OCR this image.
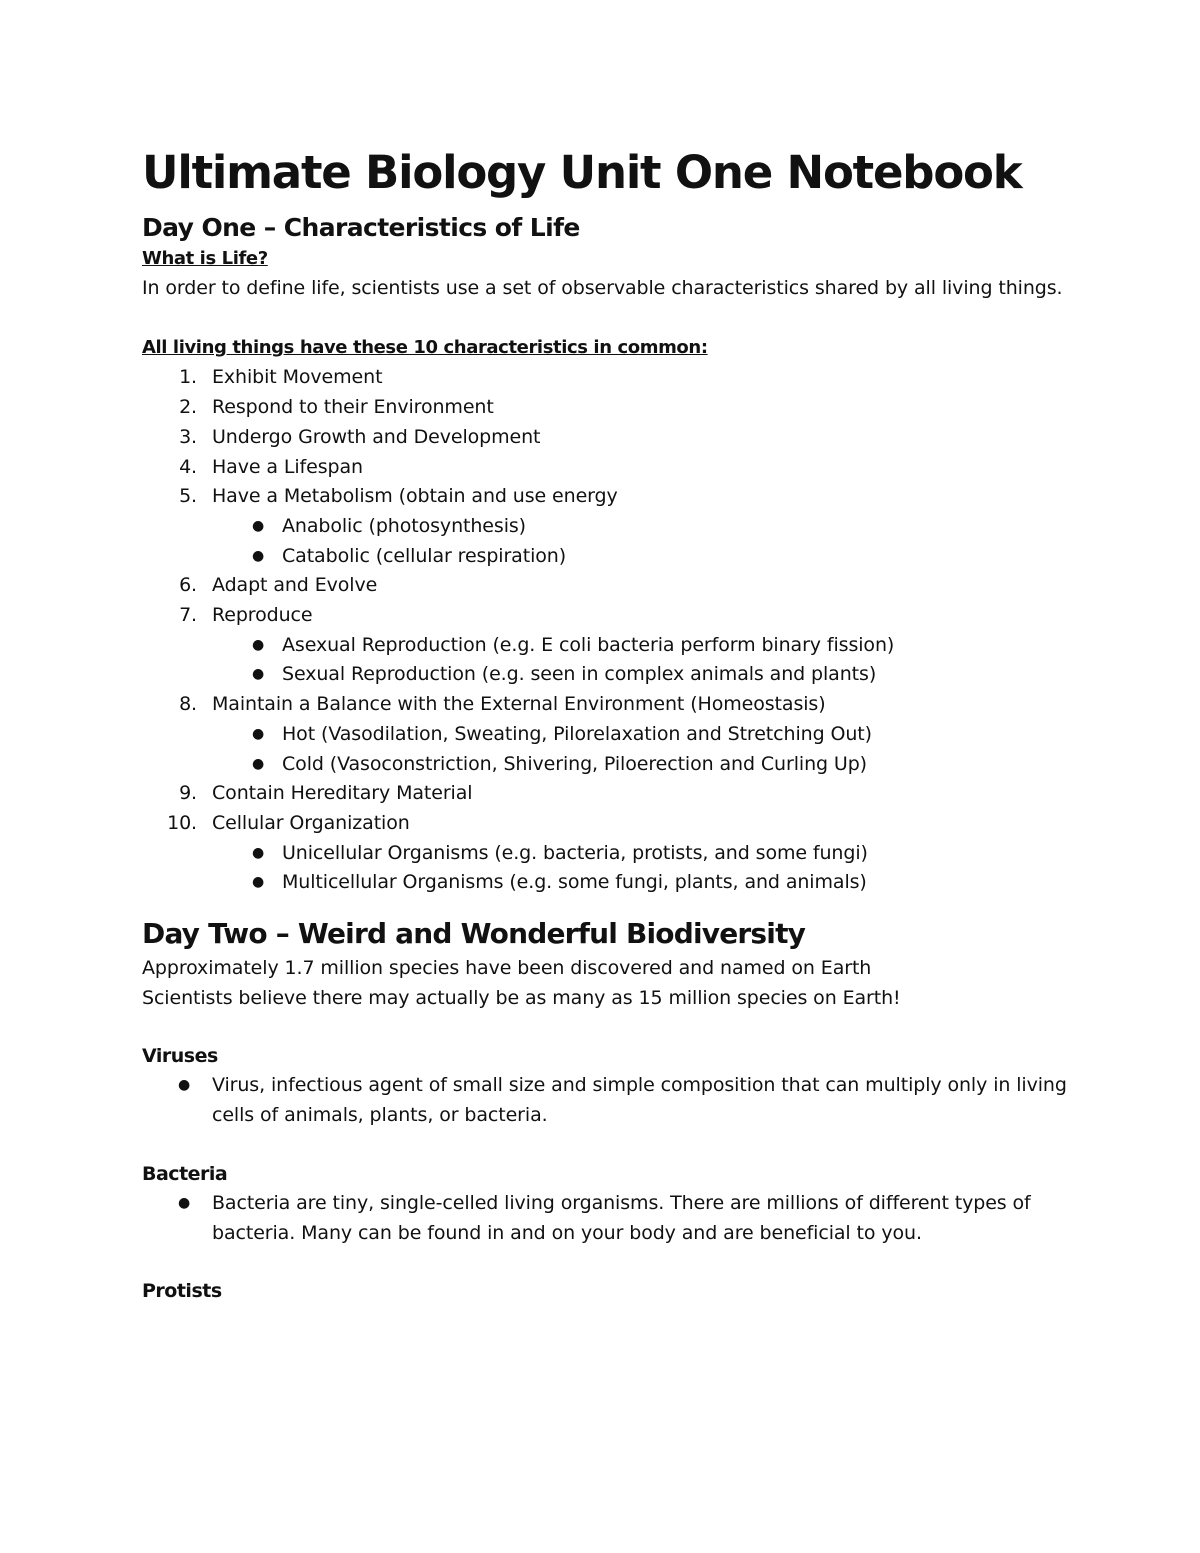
Ultimate Biology Unit One Notebook
Day One – Characteristics of Life
What is Life?

In order to define life, scientists use a set of observable characteristics shared by all living things.

All living things have these 10 characteristics in common:
1. Exhibit Movement
2. Respond to their Environment
3. Undergo Growth and Development
4. Have a Lifespan
5. Have a Metabolism (obtain and use energy
● Anabolic (photosynthesis)
● Catabolic (cellular respiration)
6. Adapt and Evolve
7. Reproduce
● Asexual Reproduction (e.g. E coli bacteria perform binary fission)
● Sexual Reproduction (e.g. seen in complex animals and plants)
8. Maintain a Balance with the External Environment (Homeostasis)
● Hot (Vasodilation, Sweating, Pilorelaxation and Stretching Out)
● Cold (Vasoconstriction, Shivering, Piloerection and Curling Up)
9. Contain Hereditary Material
10. Cellular Organization
● Unicellular Organisms (e.g. bacteria, protists, and some fungi)
● Multicellular Organisms (e.g. some fungi, plants, and animals)
Day Two – Weird and Wonderful Biodiversity

Approximately 1.7 million species have been discovered and named on Earth

Scientists believe there may actually be as many as 15 million species on Earth!

Viruses
● Virus, infectious agent of small size and simple composition that can multiply only in living cells of animals, plants, or bacteria.
Bacteria
● Bacteria are tiny, single-celled living organisms. There are millions of different types of bacteria. Many can be found in and on your body and are beneficial to you.
Protists
